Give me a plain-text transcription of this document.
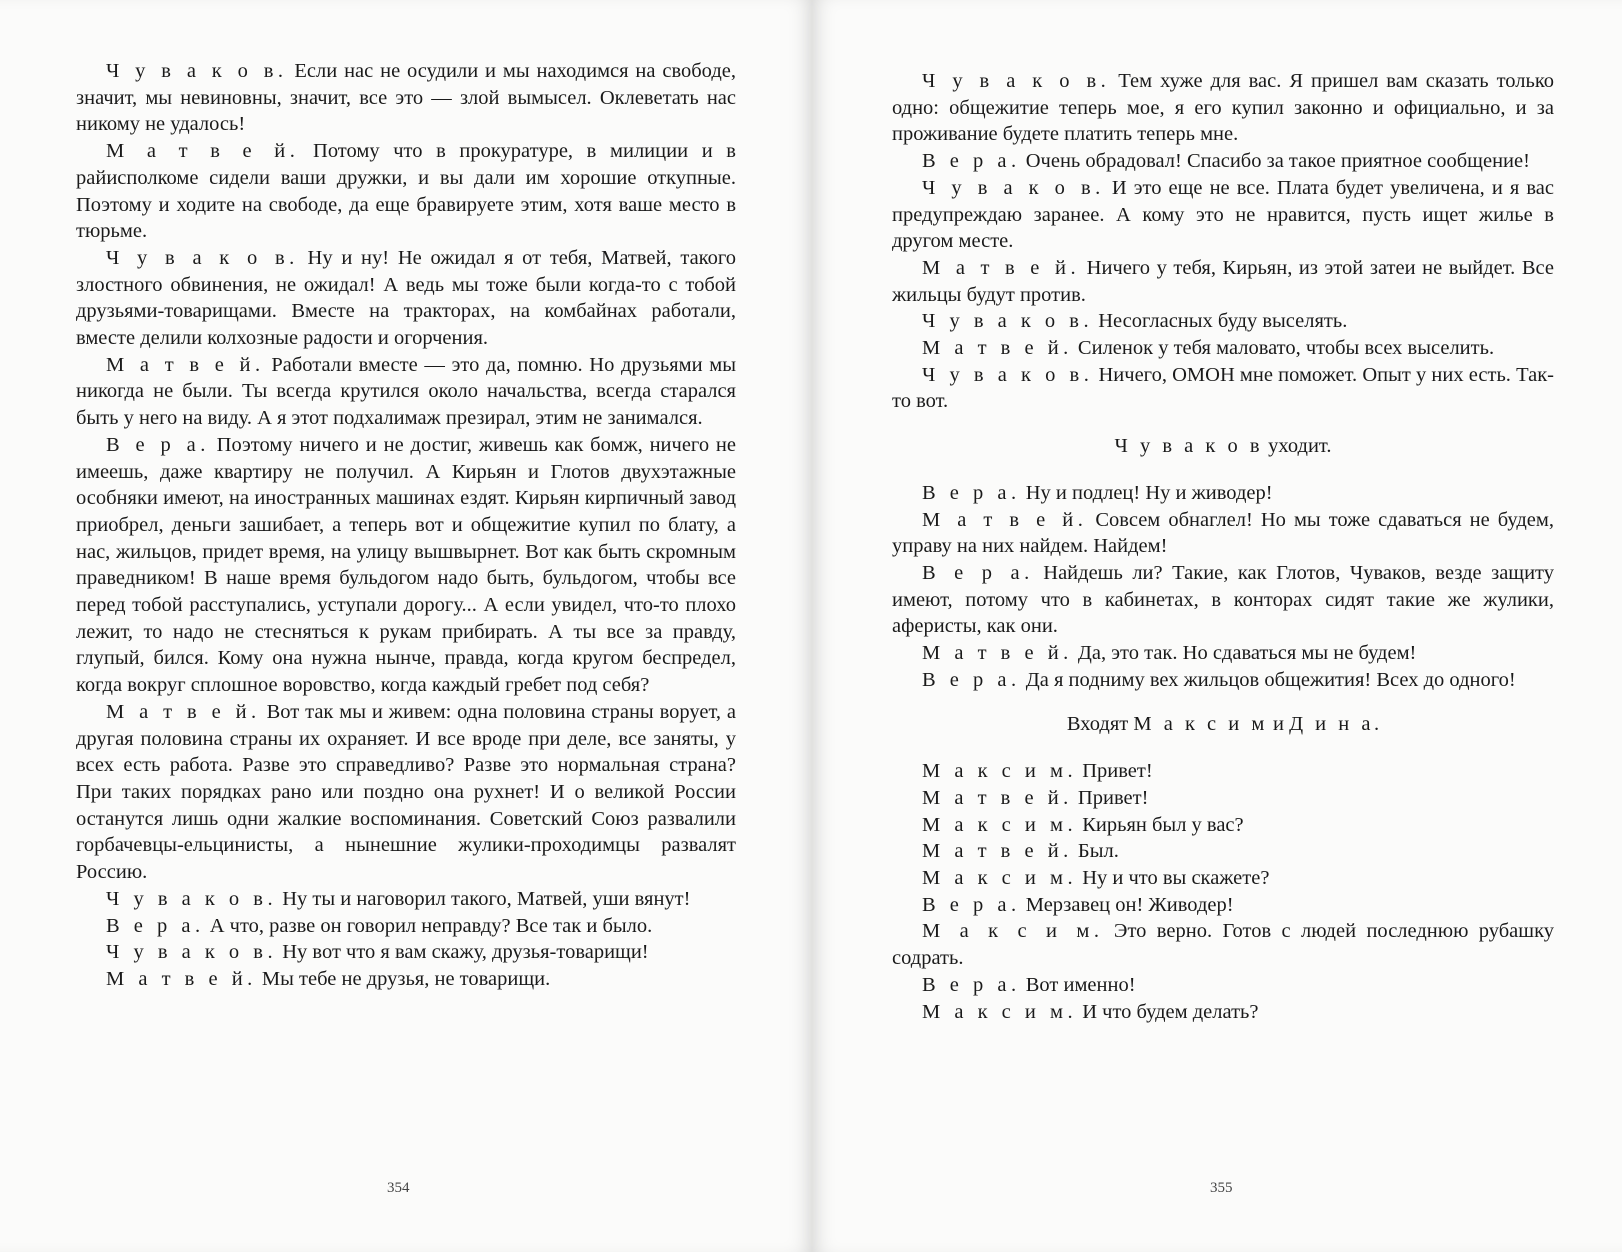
Ч у в а к о в. Если нас не осудили и мы находимся на свободе, значит, мы невиновны, значит, все это — злой вымысел. Оклеветать нас никому не удалось!

М а т в е й. Потому что в прокуратуре, в милиции и в райисполкоме сидели ваши дружки, и вы дали им хорошие откупные. Поэтому и ходите на свободе, да еще бравируете этим, хотя ваше место в тюрьме.

Ч у в а к о в. Ну и ну! Не ожидал я от тебя, Матвей, такого злостного обвинения, не ожидал! А ведь мы тоже были когда-то с тобой друзьями-товарищами. Вместе на тракторах, на комбайнах работали, вместе делили колхозные радости и огорчения.

М а т в е й. Работали вместе — это да, помню. Но друзьями мы никогда не были. Ты всегда крутился около начальства, всегда старался быть у него на виду. А я этот подхалимаж презирал, этим не занимался.

В е р а. Поэтому ничего и не достиг, живешь как бомж, ничего не имеешь, даже квартиру не получил. А Кирьян и Глотов двухэтажные особняки имеют, на иностранных машинах ездят. Кирьян кирпичный завод приобрел, деньги зашибает, а теперь вот и общежитие купил по блату, а нас, жильцов, придет время, на улицу вышвырнет. Вот как быть скромным праведником! В наше время бульдогом надо быть, бульдогом, чтобы все перед тобой расступались, уступали дорогу... А если увидел, что-то плохо лежит, то надо не стесняться к рукам прибирать. А ты все за правду, глупый, бился. Кому она нужна нынче, правда, когда кругом беспредел, когда вокруг сплошное воровство, когда каждый гребет под себя?

М а т в е й. Вот так мы и живем: одна половина страны ворует, а другая половина страны их охраняет. И все вроде при деле, все заняты, у всех есть работа. Разве это справедливо? Разве это нормальная страна? При таких порядках рано или поздно она рухнет! И о великой России останутся лишь одни жалкие воспоминания. Советский Союз развалили горбачевцы-ельцинисты, а нынешние жулики-проходимцы развалят Россию.

Ч у в а к о в. Ну ты и наговорил такого, Матвей, уши вянут!

В е р а. А что, разве он говорил неправду? Все так и было.

Ч у в а к о в. Ну вот что я вам скажу, друзья-товарищи!

М а т в е й. Мы тебе не друзья, не товарищи.

354

Ч у в а к о в. Тем хуже для вас. Я пришел вам сказать только одно: общежитие теперь мое, я его купил законно и официально, и за проживание будете платить теперь мне.

В е р а. Очень обрадовал! Спасибо за такое приятное сообщение!

Ч у в а к о в. И это еще не все. Плата будет увеличена, и я вас предупреждаю заранее. А кому это не нравится, пусть ищет жилье в другом месте.

М а т в е й. Ничего у тебя, Кирьян, из этой затеи не выйдет. Все жильцы будут против.

Ч у в а к о в. Несогласных буду выселять.

М а т в е й. Силенок у тебя маловато, чтобы всех выселить.

Ч у в а к о в. Ничего, ОМОН мне поможет. Опыт у них есть. Так-то вот.

Ч у в а к о в уходит.

В е р а. Ну и подлец! Ну и живодер!

М а т в е й. Совсем обнаглел! Но мы тоже сдаваться не будем, управу на них найдем. Найдем!

В е р а. Найдешь ли? Такие, как Глотов, Чуваков, везде защиту имеют, потому что в кабинетах, в конторах сидят такие же жулики, аферисты, как они.

М а т в е й. Да, это так. Но сдаваться мы не будем!

В е р а. Да я подниму вех жильцов общежития! Всех до одного!

Входят М а к с и м и Д и н а.

М а к с и м. Привет!

М а т в е й. Привет!

М а к с и м. Кирьян был у вас?

М а т в е й. Был.

М а к с и м. Ну и что вы скажете?

В е р а. Мерзавец он! Живодер!

М а к с и м. Это верно. Готов с людей последнюю рубашку содрать.

В е р а. Вот именно!

М а к с и м. И что будем делать?

355
